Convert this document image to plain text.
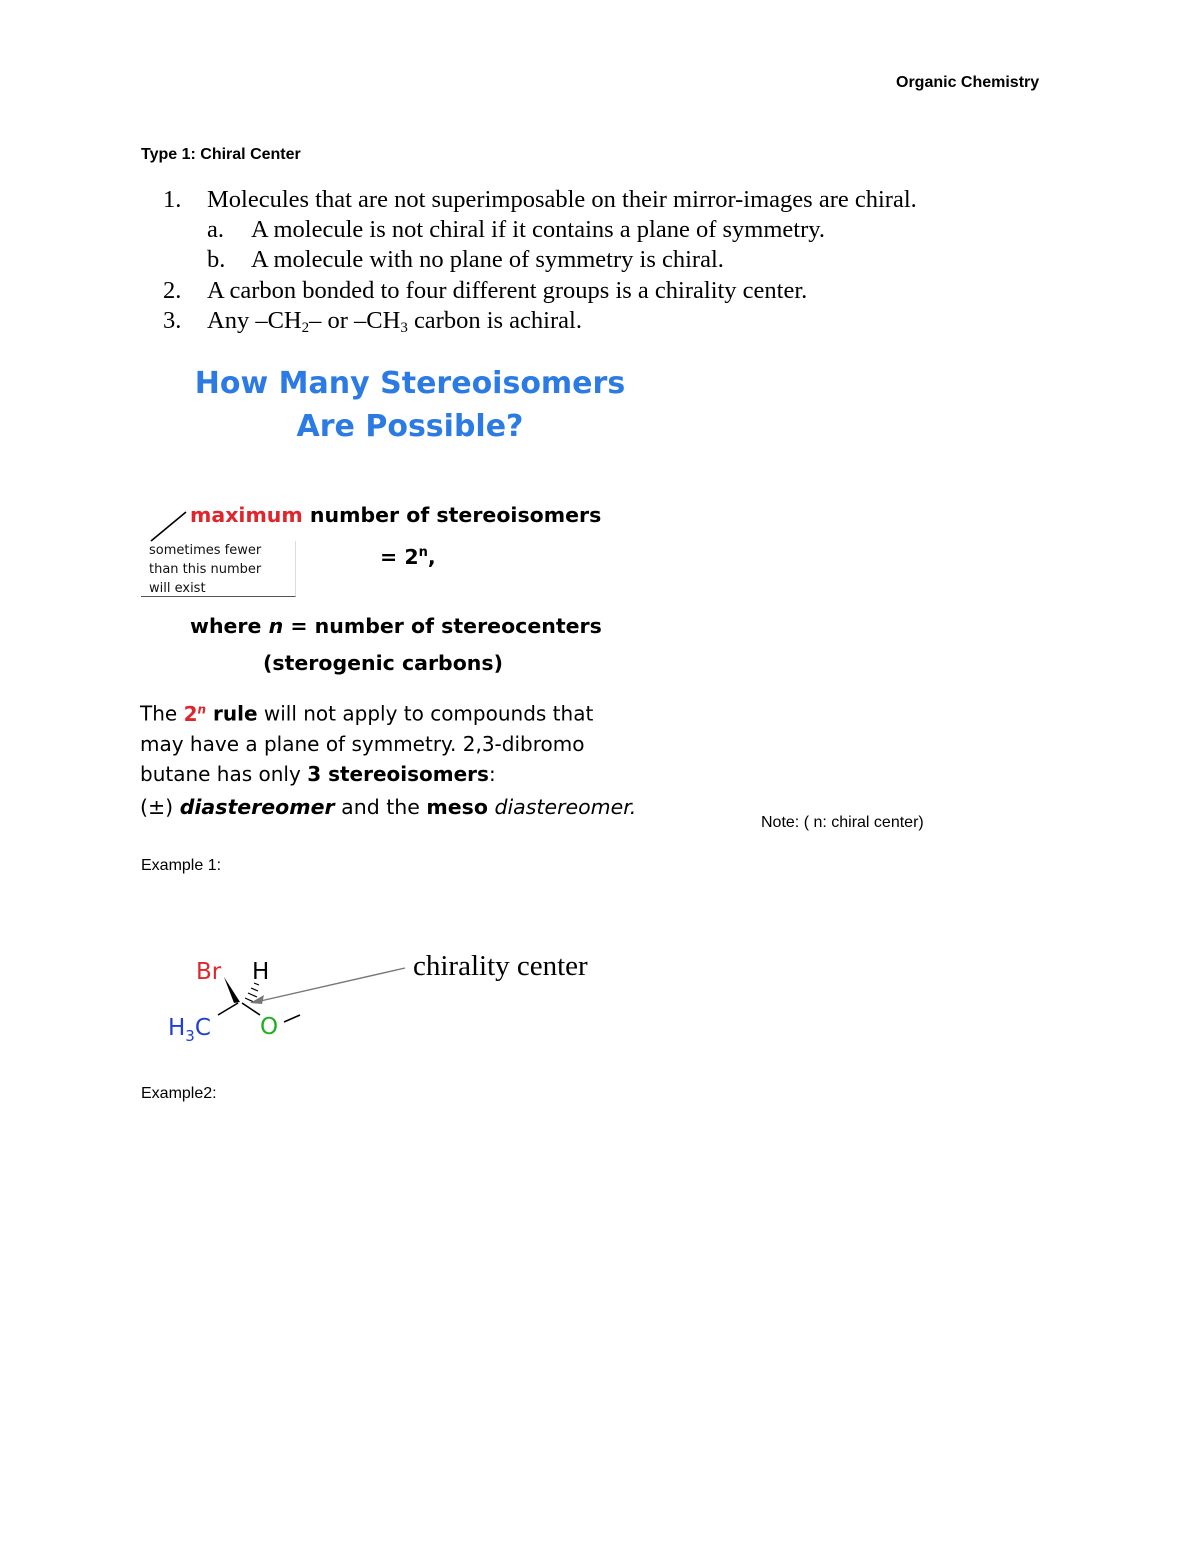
Organic Chemistry
Type 1: Chiral Center
1. Molecules that are not superimposable on their mirror-images are chiral.
a. A molecule is not chiral if it contains a plane of symmetry.
b. A molecule with no plane of symmetry is chiral.
2. A carbon bonded to four different groups is a chirality center.
3. Any $-CH_2-$ or $-CH_3$ carbon is achiral.
How Many Stereoisomers
Are Possible?
maximum number of stereoisomers
sometimes fewer
than this number
will exist
= $2^n$,
where n = number of stereocenters
(sterogenic carbons)
The 2$^n$ rule will not apply to compounds that
may have a plane of symmetry. 2,3-dibromo
butane has only 3 stereoisomers:
(±) diastereomer and the meso diastereomer.
Note: ( n: chiral center)
Example 1:
Br H
$H_3C$ O
chirality center
Example2:
